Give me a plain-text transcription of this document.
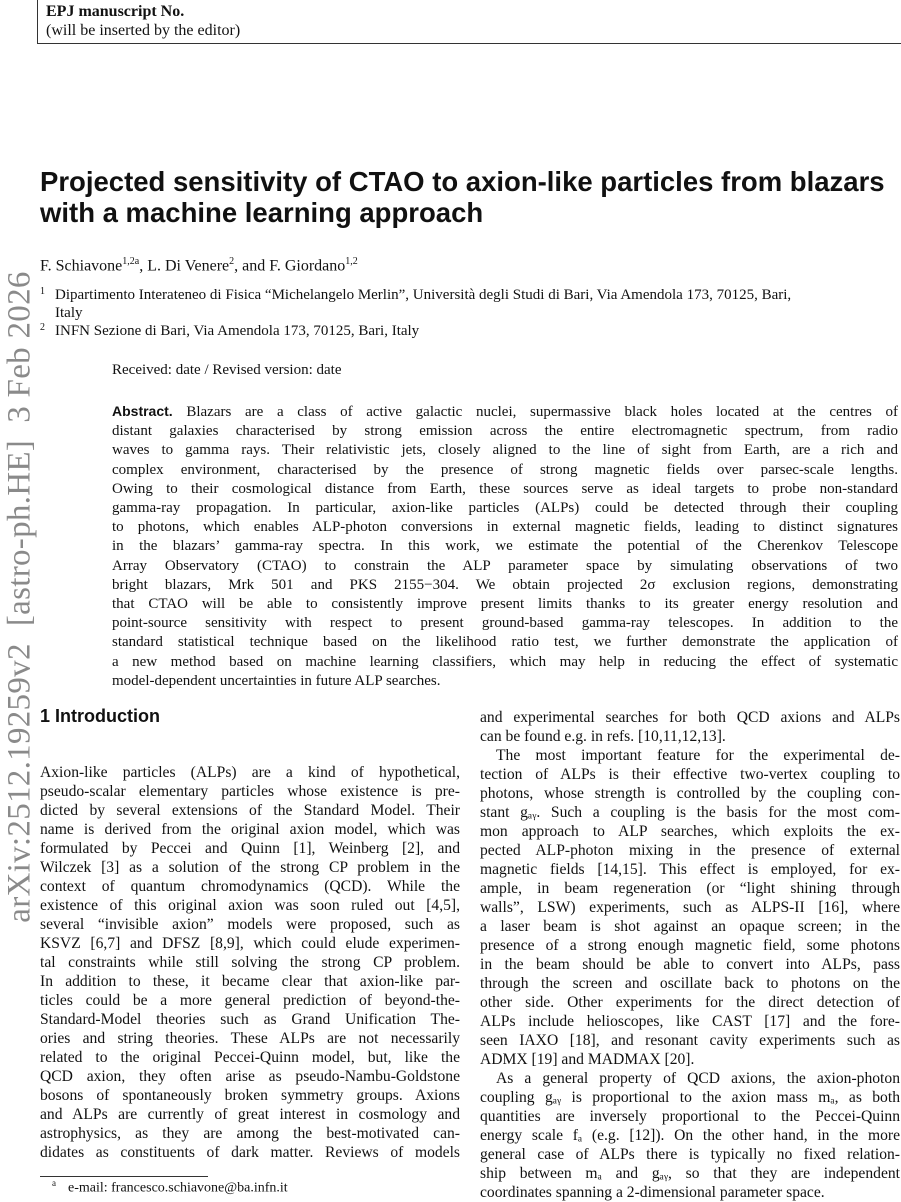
EPJ manuscript No.
(will be inserted by the editor)
arXiv:2512.19259v2  [astro-ph.HE]  3 Feb 2026
Projected sensitivity of CTAO to axion-like particles from blazars
with a machine learning approach
F. Schiavone$^{1,2a}$, L. Di Venere$^2$, and F. Giordano$^{1,2}$
1 Dipartimento Interateneo di Fisica “Michelangelo Merlin”, Università degli Studi di Bari, Via Amendola 173, 70125, Bari,
Italy
2 INFN Sezione di Bari, Via Amendola 173, 70125, Bari, Italy
Received: date / Revised version: date
Abstract. Blazars are a class of active galactic nuclei, supermassive black holes located at the centres of
distant galaxies characterised by strong emission across the entire electromagnetic spectrum, from radio
waves to gamma rays. Their relativistic jets, closely aligned to the line of sight from Earth, are a rich and
complex environment, characterised by the presence of strong magnetic fields over parsec-scale lengths.
Owing to their cosmological distance from Earth, these sources serve as ideal targets to probe non-standard
gamma-ray propagation. In particular, axion-like particles (ALPs) could be detected through their coupling
to photons, which enables ALP-photon conversions in external magnetic fields, leading to distinct signatures
in the blazars’ gamma-ray spectra. In this work, we estimate the potential of the Cherenkov Telescope
Array Observatory (CTAO) to constrain the ALP parameter space by simulating observations of two
bright blazars, Mrk 501 and PKS 2155−304. We obtain projected 2σ exclusion regions, demonstrating
that CTAO will be able to consistently improve present limits thanks to its greater energy resolution and
point-source sensitivity with respect to present ground-based gamma-ray telescopes. In addition to the
standard statistical technique based on the likelihood ratio test, we further demonstrate the application of
a new method based on machine learning classifiers, which may help in reducing the effect of systematic
model-dependent uncertainties in future ALP searches.
1 Introduction
Axion-like particles (ALPs) are a kind of hypothetical,
pseudo-scalar elementary particles whose existence is pre-
dicted by several extensions of the Standard Model. Their
name is derived from the original axion model, which was
formulated by Peccei and Quinn [1], Weinberg [2], and
Wilczek [3] as a solution of the strong CP problem in the
context of quantum chromodynamics (QCD). While the
existence of this original axion was soon ruled out [4,5],
several “invisible axion” models were proposed, such as
KSVZ [6,7] and DFSZ [8,9], which could elude experimen-
tal constraints while still solving the strong CP problem.
In addition to these, it became clear that axion-like par-
ticles could be a more general prediction of beyond-the-
Standard-Model theories such as Grand Unification The-
ories and string theories. These ALPs are not necessarily
related to the original Peccei-Quinn model, but, like the
QCD axion, they often arise as pseudo-Nambu-Goldstone
bosons of spontaneously broken symmetry groups. Axions
and ALPs are currently of great interest in cosmology and
astrophysics, as they are among the best-motivated can-
didates as constituents of dark matter. Reviews of models
and experimental searches for both QCD axions and ALPs
can be found e.g. in refs. [10,11,12,13].
The most important feature for the experimental de-
tection of ALPs is their effective two-vertex coupling to
photons, whose strength is controlled by the coupling con-
stant gₐᵧ. Such a coupling is the basis for the most com-
mon approach to ALP searches, which exploits the ex-
pected ALP-photon mixing in the presence of external
magnetic fields [14,15]. This effect is employed, for ex-
ample, in beam regeneration (or “light shining through
walls”, LSW) experiments, such as ALPS-II [16], where
a laser beam is shot against an opaque screen; in the
presence of a strong enough magnetic field, some photons
in the beam should be able to convert into ALPs, pass
through the screen and oscillate back to photons on the
other side. Other experiments for the direct detection of
ALPs include helioscopes, like CAST [17] and the fore-
seen IAXO [18], and resonant cavity experiments such as
ADMX [19] and MADMAX [20].
As a general property of QCD axions, the axion-photon
coupling gₐᵧ is proportional to the axion mass mₐ, as both
quantities are inversely proportional to the Peccei-Quinn
energy scale fₐ (e.g. [12]). On the other hand, in the more
general case of ALPs there is typically no fixed relation-
ship between mₐ and gₐᵧ, so that they are independent
coordinates spanning a 2-dimensional parameter space.
$^a$ e-mail: francesco.schiavone@ba.infn.it
